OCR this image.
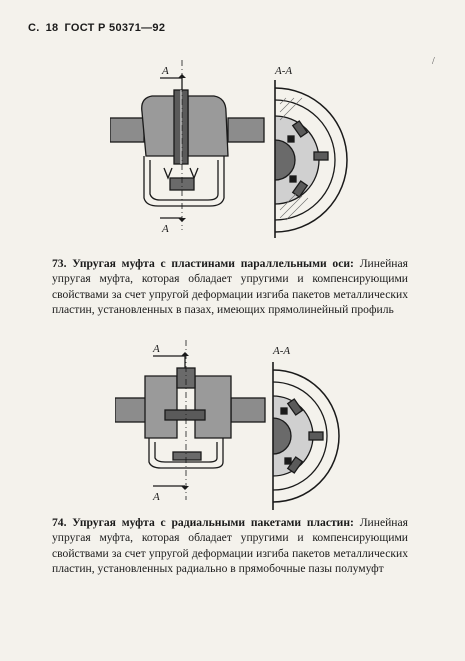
С. 18 ГОСТ Р 50371—92
/
A
A
A-A

73. Упругая муфта с пластинами параллельными оси: Линейная упругая муфта, которая обладает упругими и компенсирующими свойствами за счет упругой деформации изгиба пакетов металлических пластин, установленных в пазах, имеющих прямолинейный профиль

A
A
A-A

74. Упругая муфта с радиальными пакетами пластин: Линейная упругая муфта, которая обладает упругими и компенсирующими свойствами за счет упругой деформации изгиба пакетов металлических пластин, установленных радиально в прямобочные пазы полумуфт
